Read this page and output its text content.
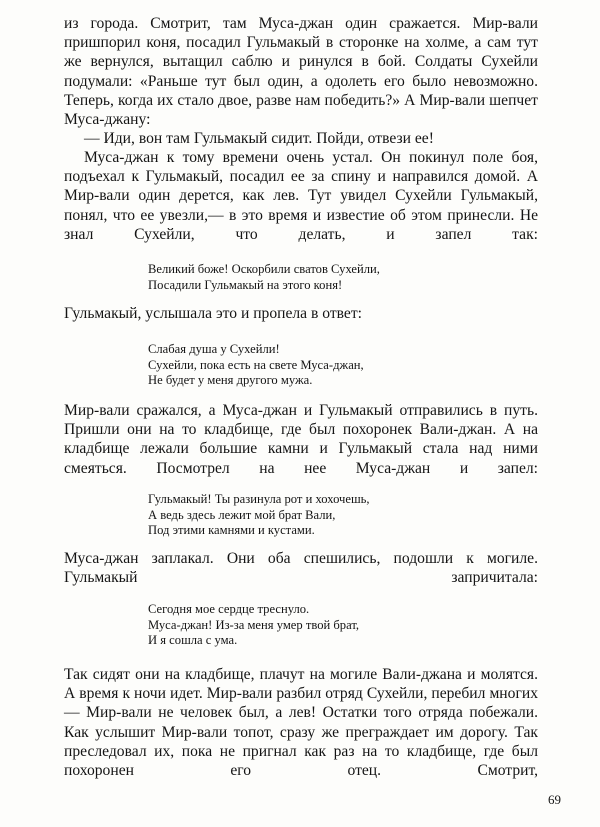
из города. Смотрит, там Муса-джан один сражается. Мир-вали пришпорил коня, посадил Гульмакый в сторонке на холме, а сам тут же вернулся, вытащил саблю и ринулся в бой. Солдаты Сухейли подумали: «Раньше тут был один, а одолеть его было невозможно. Теперь, когда их стало двое, разве нам победить?» А Мир-вали шепчет Муса-джану:

— Иди, вон там Гульмакый сидит. Пойди, отвези ее!

Муса-джан к тому времени очень устал. Он покинул поле боя, подъехал к Гульмакый, посадил ее за спину и направился домой. А Мир-вали один дерется, как лев. Тут увидел Сухейли Гульмакый, понял, что ее увезли,— в это время и известие об этом принесли. Не знал Сухейли, что делать, и запел так:

Великий боже! Оскорбили сватов Сухейли,
Посадили Гульмакый на этого коня!

Гульмакый, услышала это и пропела в ответ:

Слабая душа у Сухейли!
Сухейли, пока есть на свете Муса-джан,
Не будет у меня другого мужа.

Мир-вали сражался, а Муса-джан и Гульмакый отправились в путь. Пришли они на то кладбище, где был похоронек Вали-джан. А на кладбище лежали большие камни и Гульмакый стала над ними смеяться. Посмотрел на нее Муса-джан и запел:

Гульмакый! Ты разинула рот и хохочешь,
А ведь здесь лежит мой брат Вали,
Под этими камнями и кустами.

Муса-джан заплакал. Они оба спешились, подошли к могиле. Гульмакый запричитала:

Сегодня мое сердце треснуло.
Муса-джан! Из-за меня умер твой брат,
И я сошла с ума.

Так сидят они на кладбище, плачут на могиле Вали-джана и молятся. А время к ночи идет. Мир-вали разбил отряд Сухейли, перебил многих — Мир-вали не человек был, а лев! Остатки того отряда побежали. Как услышит Мир-вали топот, сразу же преграждает им дорогу. Так преследовал их, пока не пригнал как раз на то кладбище, где был похоронен его отец. Смотрит,

69
